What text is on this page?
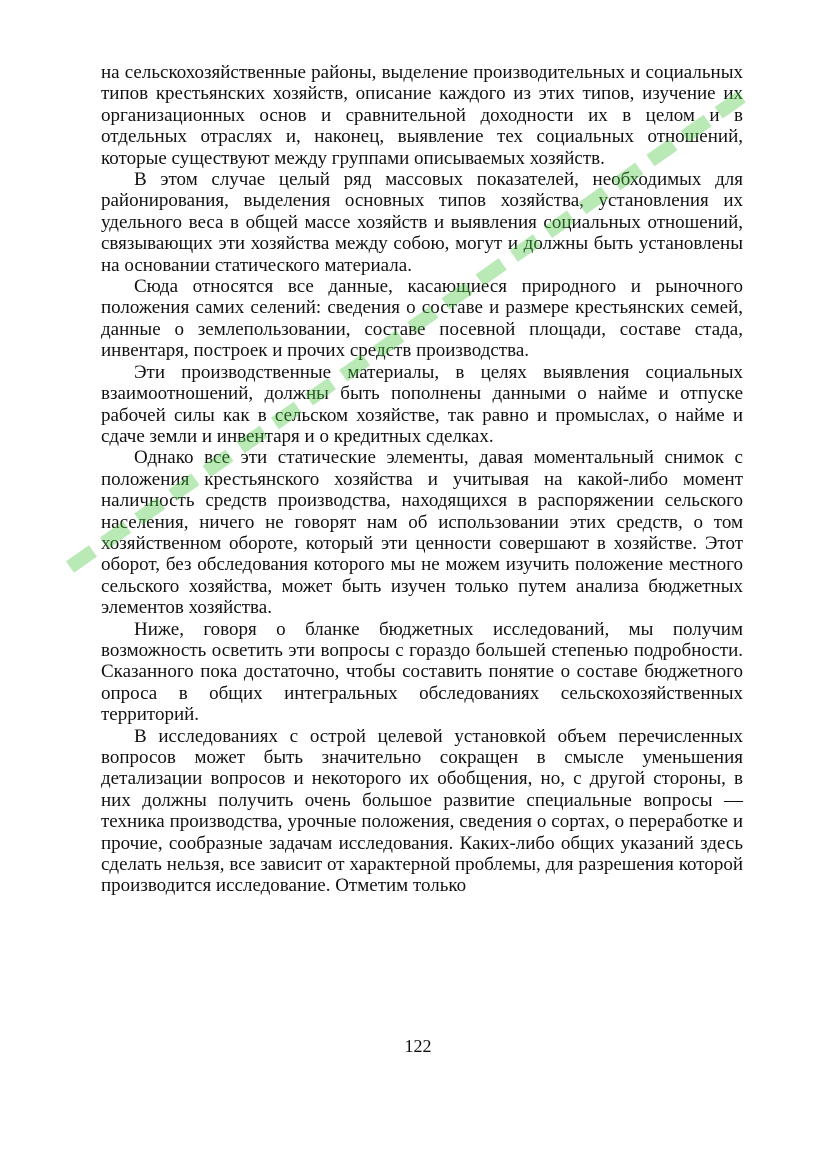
на сельскохозяйственные районы, выделение производительных и социальных типов крестьянских хозяйств, описание каждого из этих типов, изучение их организационных основ и сравнительной доходности их в целом и в отдельных отраслях и, наконец, выявление тех социальных отношений, которые существуют между группами описываемых хозяйств.

В этом случае целый ряд массовых показателей, необходимых для районирования, выделения основных типов хозяйства, установления их удельного веса в общей массе хозяйств и выявления социальных отношений, связывающих эти хозяйства между собою, могут и должны быть установлены на основании статического материала.

Сюда относятся все данные, касающиеся природного и рыночного положения самих селений: сведения о составе и размере крестьянских семей, данные о землепользовании, составе посевной площади, составе стада, инвентаря, построек и прочих средств производства.

Эти производственные материалы, в целях выявления социальных взаимоотношений, должны быть пополнены данными о найме и отпуске рабочей силы как в сельском хозяйстве, так равно и промыслах, о найме и сдаче земли и инвентаря и о кредитных сделках.

Однако все эти статические элементы, давая моментальный снимок с положения крестьянского хозяйства и учитывая на какой-либо момент наличность средств производства, находящихся в распоряжении сельского населения, ничего не говорят нам об использовании этих средств, о том хозяйственном обороте, который эти ценности совершают в хозяйстве. Этот оборот, без обследования которого мы не можем изучить положение местного сельского хозяйства, может быть изучен только путем анализа бюджетных элементов хозяйства.

Ниже, говоря о бланке бюджетных исследований, мы получим возможность осветить эти вопросы с гораздо большей степенью подробности. Сказанного пока достаточно, чтобы составить понятие о составе бюджетного опроса в общих интегральных обследованиях сельскохозяйственных территорий.

В исследованиях с острой целевой установкой объем перечисленных вопросов может быть значительно сокращен в смысле уменьшения детализации вопросов и некоторого их обобщения, но, с другой стороны, в них должны получить очень большое развитие специальные вопросы — техника производства, урочные положения, сведения о сортах, о переработке и прочие, сообразные задачам исследования. Каких-либо общих указаний здесь сделать нельзя, все зависит от характерной проблемы, для разрешения которой производится исследование. Отметим только

122
